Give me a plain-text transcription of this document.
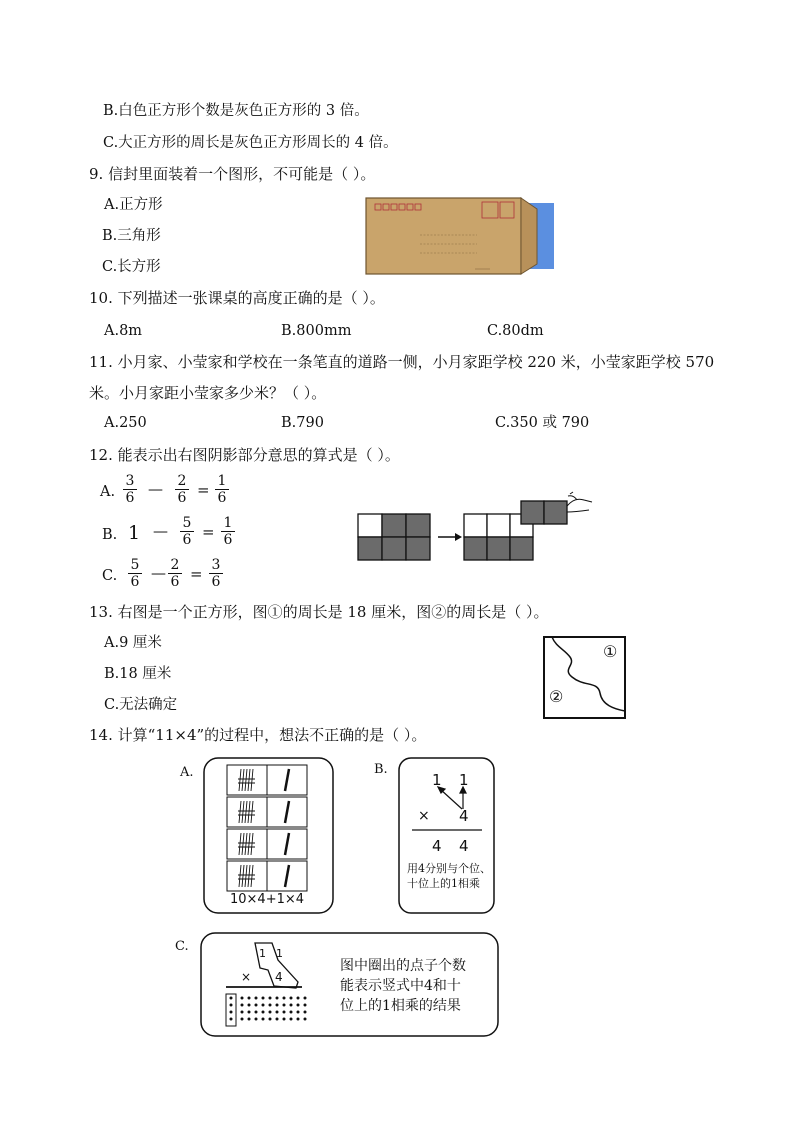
B.白色正方形个数是灰色正方形的 3 倍。
C.大正方形的周长是灰色正方形周长的 4 倍。
9. 信封里面装着一个图形，不可能是（ ）。
A.正方形
B.三角形
C.长方形
10. 下列描述一张课桌的高度正确的是（ ）。
A.8m	B.800mm	C.80dm
11. 小月家、小莹家和学校在一条笔直的道路一侧，小月家距学校 220 米，小莹家距学校 570
米。小月家距小莹家多少米？（ ）。
A.250	B.790	C.350 或 790
12. 能表示出右图阴影部分意思的算式是（ ）。
A. $\frac{3}{6}$ — $\frac{2}{6} = \frac{1}{6}$
B. 1 — $\frac{5}{6} = \frac{1}{6}$
C. $\frac{5}{6}$ — $\frac{2}{6} = \frac{3}{6}$
13. 右图是一个正方形，图①的周长是 18 厘米，图②的周长是（ ）。
A.9 厘米
B.18 厘米
C.无法确定
①
②
14. 计算“11×4”的过程中，想法不正确的是（ ）。
A.
10×4+1×4
B.
1 1
× 4
4 4
用4分别与个位、
十位上的1相乘
C.	1 1
× 4
图中圈出的点子个数
能表示竖式中4和十
位上的1相乘的结果
